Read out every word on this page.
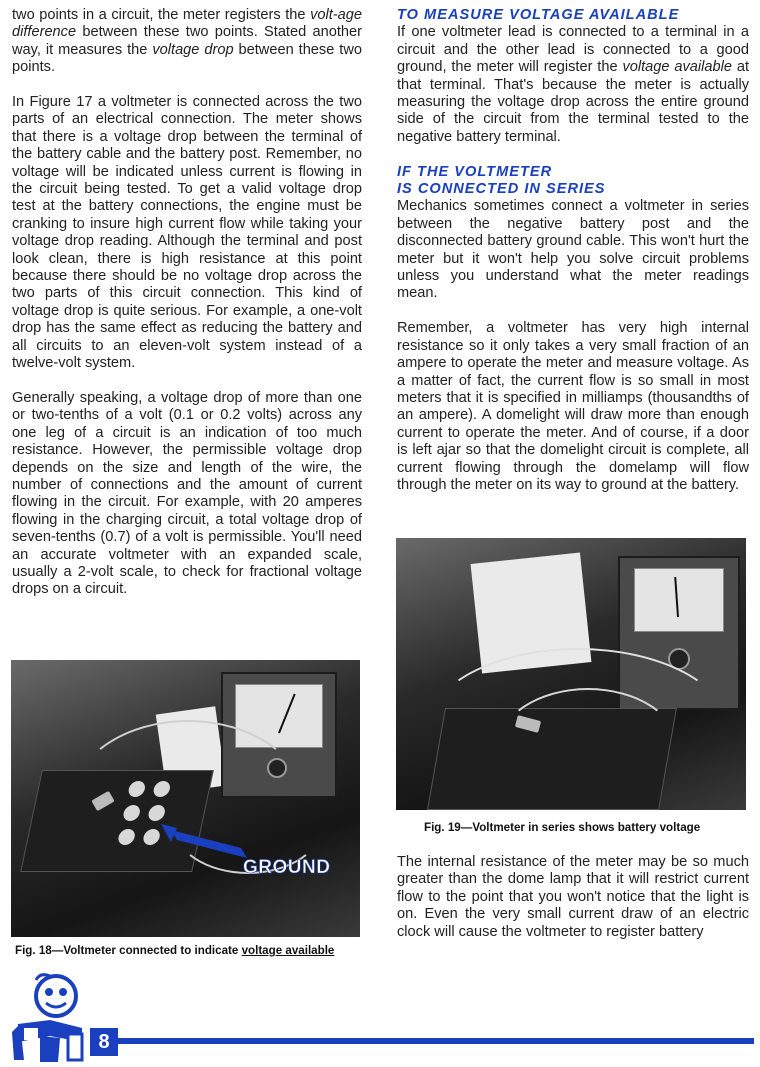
two points in a circuit, the meter registers the volt-age difference between these two points. Stated another way, it measures the voltage drop between these two points.

In Figure 17 a voltmeter is connected across the two parts of an electrical connection. The meter shows that there is a voltage drop between the terminal of the battery cable and the battery post. Remember, no voltage will be indicated unless current is flowing in the circuit being tested. To get a valid voltage drop test at the battery connections, the engine must be cranking to insure high current flow while taking your voltage drop reading. Although the terminal and post look clean, there is high resistance at this point because there should be no voltage drop across the two parts of this circuit connection. This kind of voltage drop is quite serious. For example, a one-volt drop has the same effect as reducing the battery and all circuits to an eleven-volt system instead of a twelve-volt system.

Generally speaking, a voltage drop of more than one or two-tenths of a volt (0.1 or 0.2 volts) across any one leg of a circuit is an indication of too much resistance. However, the permissible voltage drop depends on the size and length of the wire, the number of connections and the amount of current flowing in the circuit. For example, with 20 amperes flowing in the charging circuit, a total voltage drop of seven-tenths (0.7) of a volt is permissible. You'll need an accurate voltmeter with an expanded scale, usually a 2-volt scale, to check for fractional voltage drops on a circuit.

TO MEASURE VOLTAGE AVAILABLE

If one voltmeter lead is connected to a terminal in a circuit and the other lead is connected to a good ground, the meter will register the voltage available at that terminal. That's because the meter is actually measuring the voltage drop across the entire ground side of the circuit from the terminal tested to the negative battery terminal.

IF THE VOLTMETER
IS CONNECTED IN SERIES

Mechanics sometimes connect a voltmeter in series between the negative battery post and the disconnected battery ground cable. This won't hurt the meter but it won't help you solve circuit problems unless you understand what the meter readings mean.

Remember, a voltmeter has very high internal resistance so it only takes a very small fraction of an ampere to operate the meter and measure voltage. As a matter of fact, the current flow is so small in most meters that it is specified in milliamps (thousandths of an ampere). A domelight will draw more than enough current to operate the meter. And of course, if a door is left ajar so that the domelight circuit is complete, all current flowing through the domelamp will flow through the meter on its way to ground at the battery.

The internal resistance of the meter may be so much greater than the dome lamp that it will restrict current flow to the point that you won't notice that the light is on. Even the very small current draw of an electric clock will cause the voltmeter to register battery

GROUND
Fig. 18—Voltmeter connected to indicate voltage available
Fig. 19—Voltmeter in series shows battery voltage
8
